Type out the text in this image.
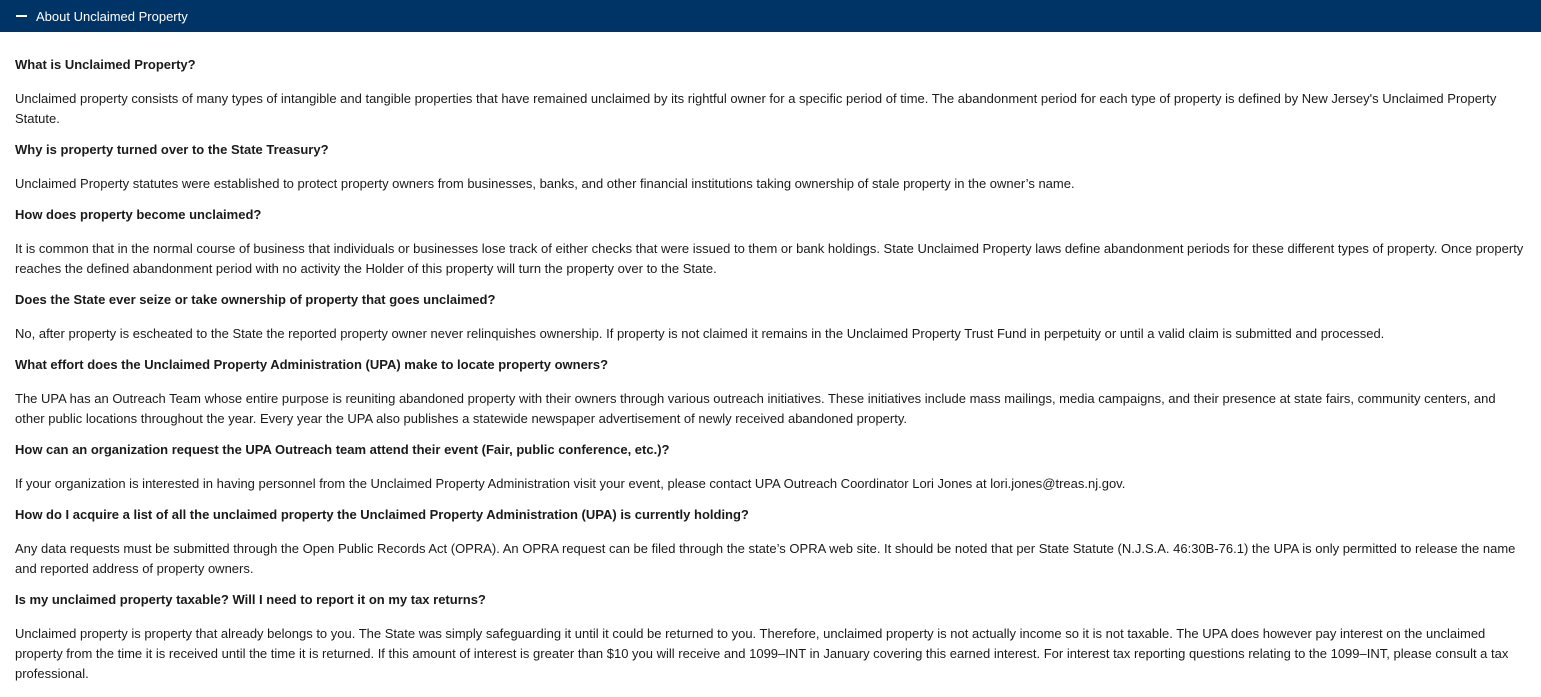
About Unclaimed Property
What is Unclaimed Property?
Unclaimed property consists of many types of intangible and tangible properties that have remained unclaimed by its rightful owner for a specific period of time. The abandonment period for each type of property is defined by New Jersey's Unclaimed Property Statute.
Why is property turned over to the State Treasury?
Unclaimed Property statutes were established to protect property owners from businesses, banks, and other financial institutions taking ownership of stale property in the owner’s name.
How does property become unclaimed?
It is common that in the normal course of business that individuals or businesses lose track of either checks that were issued to them or bank holdings. State Unclaimed Property laws define abandonment periods for these different types of property. Once property reaches the defined abandonment period with no activity the Holder of this property will turn the property over to the State.
Does the State ever seize or take ownership of property that goes unclaimed?
No, after property is escheated to the State the reported property owner never relinquishes ownership. If property is not claimed it remains in the Unclaimed Property Trust Fund in perpetuity or until a valid claim is submitted and processed.
What effort does the Unclaimed Property Administration (UPA) make to locate property owners?
The UPA has an Outreach Team whose entire purpose is reuniting abandoned property with their owners through various outreach initiatives. These initiatives include mass mailings, media campaigns, and their presence at state fairs, community centers, and other public locations throughout the year. Every year the UPA also publishes a statewide newspaper advertisement of newly received abandoned property.
How can an organization request the UPA Outreach team attend their event (Fair, public conference, etc.)?
If your organization is interested in having personnel from the Unclaimed Property Administration visit your event, please contact UPA Outreach Coordinator Lori Jones at lori.jones@treas.nj.gov.
How do I acquire a list of all the unclaimed property the Unclaimed Property Administration (UPA) is currently holding?
Any data requests must be submitted through the Open Public Records Act (OPRA). An OPRA request can be filed through the state’s OPRA web site. It should be noted that per State Statute (N.J.S.A. 46:30B-76.1) the UPA is only permitted to release the name and reported address of property owners.
Is my unclaimed property taxable? Will I need to report it on my tax returns?
Unclaimed property is property that already belongs to you. The State was simply safeguarding it until it could be returned to you. Therefore, unclaimed property is not actually income so it is not taxable. The UPA does however pay interest on the unclaimed property from the time it is received until the time it is returned. If this amount of interest is greater than $10 you will receive and 1099–INT in January covering this earned interest. For interest tax reporting questions relating to the 1099–INT, please consult a tax professional.
